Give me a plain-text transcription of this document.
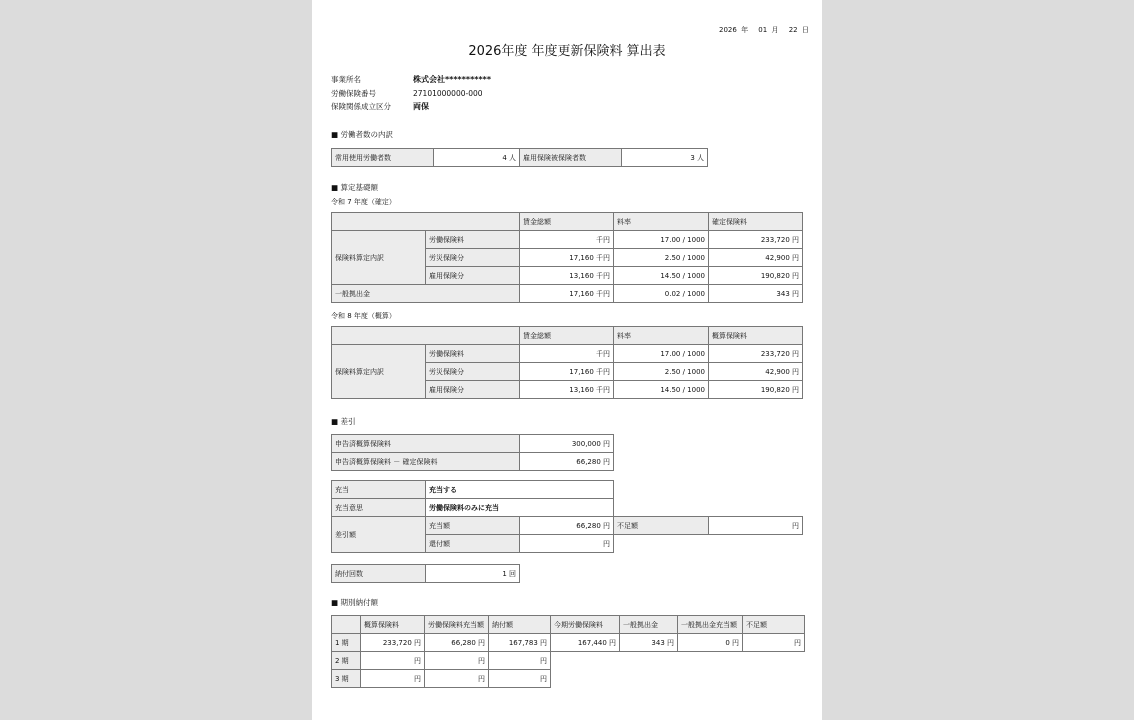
2026 年 01 月 22 日
2026年度 年度更新保険料 算出表
事業所名	株式会社***********
労働保険番号	27101000000-000
保険関係成立区分	両保
■ 労働者数の内訳
常用使用労働者数	4 人	雇用保険被保険者数	3 人
■ 算定基礎額
令和 7 年度（確定）
		賃金総額	料率	確定保険料
保険料算定内訳	労働保険料	千円	17.00 / 1000	233,720 円
	労災保険分	17,160 千円	2.50 / 1000	42,900 円
	雇用保険分	13,160 千円	14.50 / 1000	190,820 円
一般拠出金		17,160 千円	0.02 / 1000	343 円
令和 8 年度（概算）
		賃金総額	料率	概算保険料
保険料算定内訳	労働保険料	千円	17.00 / 1000	233,720 円
	労災保険分	17,160 千円	2.50 / 1000	42,900 円
	雇用保険分	13,160 千円	14.50 / 1000	190,820 円
■ 差引
申告済概算保険料	300,000 円
申告済概算保険料 － 確定保険料	66,280 円
充当	充当する			
充当意思	労働保険料のみに充当			
差引額	充当額	66,280 円	不足額	円
	還付額	円		
納付回数	1 回
■ 期別納付額
	概算保険料	労働保険料充当額	納付額	今期労働保険料	一般拠出金	一般拠出金充当額	不足額
1 期	233,720 円	66,280 円	167,783 円	167,440 円	343 円	0 円	円
2 期	円	円	円				
3 期	円	円	円				
